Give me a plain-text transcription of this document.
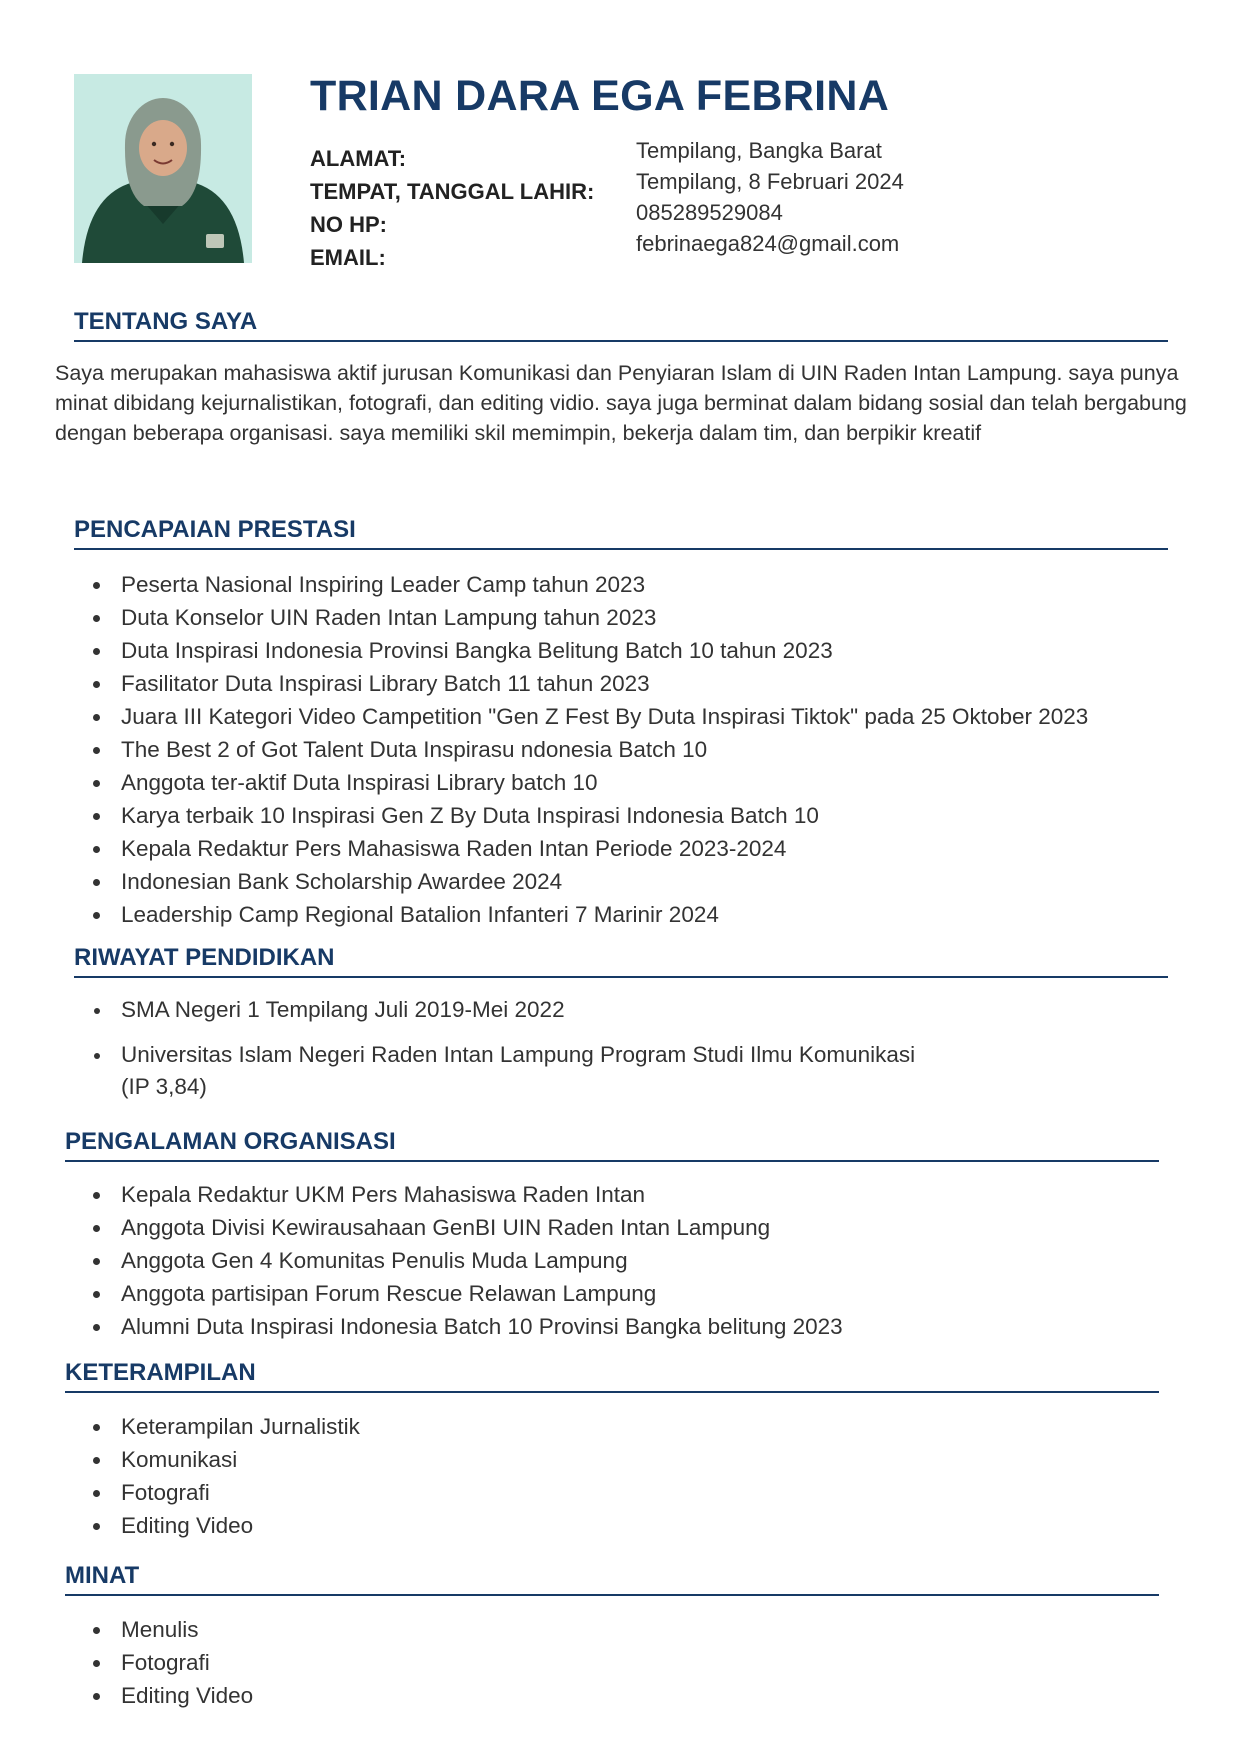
TRIAN DARA EGA FEBRINA
ALAMAT:
TEMPAT, TANGGAL LAHIR:
NO HP:
EMAIL:
Tempilang, Bangka Barat
Tempilang, 8 Februari 2024
085289529084
febrinaega824@gmail.com
TENTANG SAYA

Saya merupakan mahasiswa aktif jurusan Komunikasi dan Penyiaran Islam di UIN Raden Intan Lampung. saya punya minat dibidang kejurnalistikan, fotografi, dan editing vidio. saya juga berminat dalam bidang sosial dan telah bergabung dengan beberapa organisasi. saya memiliki skil memimpin, bekerja dalam tim, dan berpikir kreatif

PENCAPAIAN PRESTASI
Peserta Nasional Inspiring Leader Camp tahun 2023
Duta Konselor UIN Raden Intan Lampung tahun 2023
Duta Inspirasi Indonesia Provinsi Bangka Belitung Batch 10 tahun 2023
Fasilitator Duta Inspirasi Library Batch 11 tahun 2023
Juara III Kategori Video Campetition "Gen Z Fest By Duta Inspirasi Tiktok" pada 25 Oktober 2023
The Best 2 of Got Talent Duta Inspirasu ndonesia Batch 10
Anggota ter-aktif Duta Inspirasi Library batch 10
Karya terbaik 10 Inspirasi Gen Z By Duta Inspirasi Indonesia Batch 10
Kepala Redaktur Pers Mahasiswa Raden Intan Periode 2023-2024
Indonesian Bank Scholarship Awardee 2024
Leadership Camp Regional Batalion Infanteri 7 Marinir 2024
RIWAYAT PENDIDIKAN
SMA Negeri 1 Tempilang Juli 2019-Mei 2022
Universitas Islam Negeri Raden Intan Lampung Program Studi Ilmu Komunikasi
(IP 3,84)
PENGALAMAN ORGANISASI
Kepala Redaktur UKM Pers Mahasiswa Raden Intan
Anggota Divisi Kewirausahaan GenBI UIN Raden Intan Lampung
Anggota Gen 4 Komunitas Penulis Muda Lampung
Anggota partisipan Forum Rescue Relawan Lampung
Alumni Duta Inspirasi Indonesia Batch 10 Provinsi Bangka belitung 2023
KETERAMPILAN
Keterampilan Jurnalistik
Komunikasi
Fotografi
Editing Video
MINAT
Menulis
Fotografi
Editing Video
